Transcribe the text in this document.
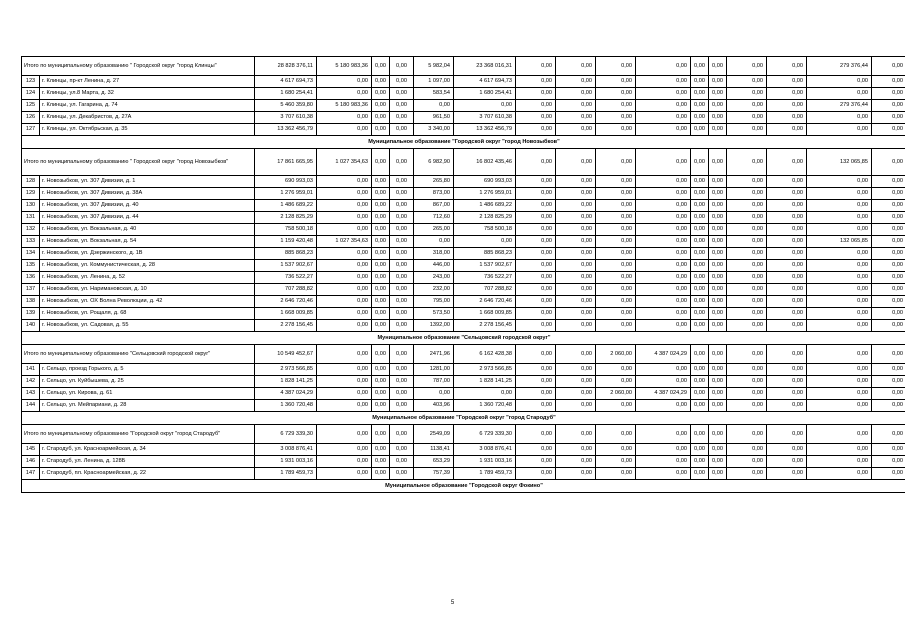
Итого по муниципальному образованию " Городской округ "город Клинцы"		28 828 376,11	5 180 983,36	0,00	0,00	5 982,04	23 368 016,31	0,00	0,00	0,00	0,00	0,00	0,00	0,00	0,00	279 376,44	0,00
123	г. Клинцы, пр-кт Ленина, д. 27	4 617 694,73	0,00	0,00	0,00	1 097,00	4 617 694,73	0,00	0,00	0,00	0,00	0,00	0,00	0,00	0,00	0,00	0,00
124	г. Клинцы, ул.8 Марта, д. 32	1 680 254,41	0,00	0,00	0,00	583,54	1 680 254,41	0,00	0,00	0,00	0,00	0,00	0,00	0,00	0,00	0,00	0,00
125	г. Клинцы, ул. Гагарина, д. 74	5 460 359,80	5 180 983,36	0,00	0,00	0,00	0,00	0,00	0,00	0,00	0,00	0,00	0,00	0,00	0,00	279 376,44	0,00
126	г. Клинцы, ул. Декабристов, д. 27А	3 707 610,38	0,00	0,00	0,00	961,50	3 707 610,38	0,00	0,00	0,00	0,00	0,00	0,00	0,00	0,00	0,00	0,00
127	г. Клинцы, ул. Октябрьская, д. 35	13 362 456,79	0,00	0,00	0,00	3 340,00	13 362 456,79	0,00	0,00	0,00	0,00	0,00	0,00	0,00	0,00	0,00	0,00
Муниципальное образование "Городской округ "город Новозыбков"																	
Итого по муниципальному образованию " Городской округ "город Новозыбков"		17 861 665,95	1 027 354,63	0,00	0,00	6 982,90	16 802 435,46	0,00	0,00	0,00	0,00	0,00	0,00	0,00	0,00	132 065,85	0,00
128	г. Новозыбков, ул. 307 Дивизии, д. 1	690 993,03	0,00	0,00	0,00	265,80	690 993,03	0,00	0,00	0,00	0,00	0,00	0,00	0,00	0,00	0,00	0,00
129	г. Новозыбков, ул. 307 Дивизии, д. 38А	1 276 959,01	0,00	0,00	0,00	873,00	1 276 959,01	0,00	0,00	0,00	0,00	0,00	0,00	0,00	0,00	0,00	0,00
130	г. Новозыбков, ул. 307 Дивизии, д. 40	1 486 689,22	0,00	0,00	0,00	867,00	1 486 689,22	0,00	0,00	0,00	0,00	0,00	0,00	0,00	0,00	0,00	0,00
131	г. Новозыбков, ул. 307 Дивизии, д. 44	2 128 825,29	0,00	0,00	0,00	712,60	2 128 825,29	0,00	0,00	0,00	0,00	0,00	0,00	0,00	0,00	0,00	0,00
132	г. Новозыбков, ул. Вокзальная, д. 40	758 500,18	0,00	0,00	0,00	265,00	758 500,18	0,00	0,00	0,00	0,00	0,00	0,00	0,00	0,00	0,00	0,00
133	г. Новозыбков, ул. Вокзальная, д. 54	1 159 420,48	1 027 354,63	0,00	0,00	0,00	0,00	0,00	0,00	0,00	0,00	0,00	0,00	0,00	0,00	132 065,85	0,00
134	г. Новозыбков, ул. Дзержинского, д. 1В	885 868,23	0,00	0,00	0,00	318,00	885 868,23	0,00	0,00	0,00	0,00	0,00	0,00	0,00	0,00	0,00	0,00
135	г. Новозыбков, ул. Коммунистическая, д. 28	1 537 902,67	0,00	0,00	0,00	446,00	1 537 902,67	0,00	0,00	0,00	0,00	0,00	0,00	0,00	0,00	0,00	0,00
136	г. Новозыбков, ул. Ленина, д. 52	736 522,27	0,00	0,00	0,00	243,00	736 522,27	0,00	0,00	0,00	0,00	0,00	0,00	0,00	0,00	0,00	0,00
137	г. Новозыбков, ул. Наримановская, д. 10	707 288,82	0,00	0,00	0,00	232,00	707 288,82	0,00	0,00	0,00	0,00	0,00	0,00	0,00	0,00	0,00	0,00
138	г. Новозыбков, ул. ОХ Волна Революции, д. 42	2 646 720,46	0,00	0,00	0,00	795,00	2 646 720,46	0,00	0,00	0,00	0,00	0,00	0,00	0,00	0,00	0,00	0,00
139	г. Новозыбков, ул. Рощаля, д. 68	1 668 009,85	0,00	0,00	0,00	573,50	1 668 009,85	0,00	0,00	0,00	0,00	0,00	0,00	0,00	0,00	0,00	0,00
140	г. Новозыбков, ул. Садовая, д. 55	2 278 156,45	0,00	0,00	0,00	1392,00	2 278 156,45	0,00	0,00	0,00	0,00	0,00	0,00	0,00	0,00	0,00	0,00
Муниципальное образование "Сельцовский городской округ"																	
Итого по муниципальному образованию "Сельцовский городской округ"		10 549 452,67	0,00	0,00	0,00	2471,96	6 162 428,38	0,00	0,00	2 060,00	4 387 024,29	0,00	0,00	0,00	0,00	0,00	0,00
141	г. Сельцо, проезд Горького, д. 5	2 973 566,85	0,00	0,00	0,00	1281,00	2 973 566,85	0,00	0,00	0,00	0,00	0,00	0,00	0,00	0,00	0,00	0,00
142	г. Сельцо, ул. Куйбышева, д. 25	1 828 141,25	0,00	0,00	0,00	787,00	1 828 141,25	0,00	0,00	0,00	0,00	0,00	0,00	0,00	0,00	0,00	0,00
143	г. Сельцо, ул. Кирова, д. 61	4 387 024,29	0,00	0,00	0,00	0,00	0,00	0,00	0,00	2 060,00	4 387 024,29	0,00	0,00	0,00	0,00	0,00	0,00
144	г. Сельцо, ул. Мейпариани, д. 28	1 360 720,48	0,00	0,00	0,00	403,96	1 360 720,48	0,00	0,00	0,00	0,00	0,00	0,00	0,00	0,00	0,00	0,00
Муниципальное образование "Городской округ "город Стародуб"																	
Итого по муниципальному образованию "Городской округ "город Стародуб"		6 729 339,30	0,00	0,00	0,00	2549,09	6 729 339,30	0,00	0,00	0,00	0,00	0,00	0,00	0,00	0,00	0,00	0,00
145	г. Стародуб, ул. Красноармейская, д. 34	3 008 876,41	0,00	0,00	0,00	1138,41	3 008 876,41	0,00	0,00	0,00	0,00	0,00	0,00	0,00	0,00	0,00	0,00
146	г. Стародуб, ул. Ленина, д. 128Б	1 931 003,16	0,00	0,00	0,00	653,29	1 931 003,16	0,00	0,00	0,00	0,00	0,00	0,00	0,00	0,00	0,00	0,00
147	г. Стародуб, пл. Красноармейская, д. 22	1 789 459,73	0,00	0,00	0,00	757,39	1 789 459,73	0,00	0,00	0,00	0,00	0,00	0,00	0,00	0,00	0,00	0,00
Муниципальное образование "Городской округ Фокино"																	
5
